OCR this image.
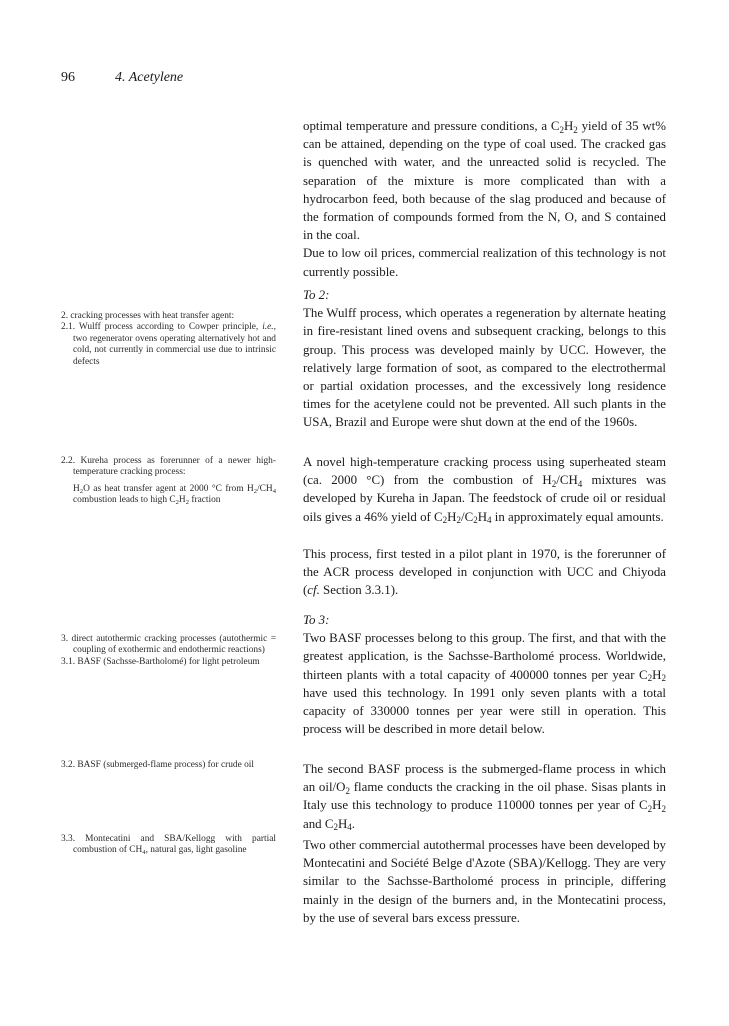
96	4. Acetylene

optimal temperature and pressure conditions, a $C_2H_2$ yield of 35 wt% can be attained, depending on the type of coal used. The cracked gas is quenched with water, and the unreacted solid is recycled. The separation of the mixture is more complicated than with a hydrocarbon feed, both because of the slag produced and because of the formation of compounds formed from the N, O, and S contained in the coal.

Due to low oil prices, commercial realization of this technology is not currently possible.

To 2:

The Wulff process, which operates a regeneration by alternate heating in fire-resistant lined ovens and subsequent cracking, belongs to this group. This process was developed mainly by UCC. However, the relatively large formation of soot, as compared to the electrothermal or partial oxidation processes, and the excessively long residence times for the acetylene could not be prevented. All such plants in the USA, Brazil and Europe were shut down at the end of the 1960s.

A novel high-temperature cracking process using superheated steam (ca. 2000 °C) from the combustion of $H_2/CH_4$ mixtures was developed by Kureha in Japan. The feedstock of crude oil or residual oils gives a 46% yield of $C_2H_2/C_2H_4$ in approximately equal amounts.

This process, first tested in a pilot plant in 1970, is the forerunner of the ACR process developed in conjunction with UCC and Chiyoda (cf. Section 3.3.1).

To 3:

Two BASF processes belong to this group. The first, and that with the greatest application, is the Sachsse-Bartholomé process. Worldwide, thirteen plants with a total capacity of 400000 tonnes per year $C_2H_2$ have used this technology. In 1991 only seven plants with a total capacity of 330000 tonnes per year were still in operation. This process will be described in more detail below.

The second BASF process is the submerged-flame process in which an oil/$O_2$ flame conducts the cracking in the oil phase. Sisas plants in Italy use this technology to produce 110000 tonnes per year of $C_2H_2$ and $C_2H_4$.

Two other commercial autothermal processes have been developed by Montecatini and Société Belge d'Azote (SBA)/Kellogg. They are very similar to the Sachsse-Bartholomé process in principle, differing mainly in the design of the burners and, in the Montecatini process, by the use of several bars excess pressure.

2. cracking processes with heat transfer agent:

2.1. Wulff process according to Cowper principle, i.e., two regenerator ovens operating alternatively hot and cold, not currently in commercial use due to intrinsic defects

2.2. Kureha process as forerunner of a newer high-temperature cracking process:

$H_2O$ as heat transfer agent at 2000 °C from $H_2/CH_4$ combustion leads to high $C_2H_2$ fraction

3. direct autothermic cracking processes (autothermic = coupling of exothermic and endothermic reactions)

3.1. BASF (Sachsse-Bartholomé) for light petroleum

3.2. BASF (submerged-flame process) for crude oil

3.3. Montecatini and SBA/Kellogg with partial combustion of $CH_4$, natural gas, light gasoline
